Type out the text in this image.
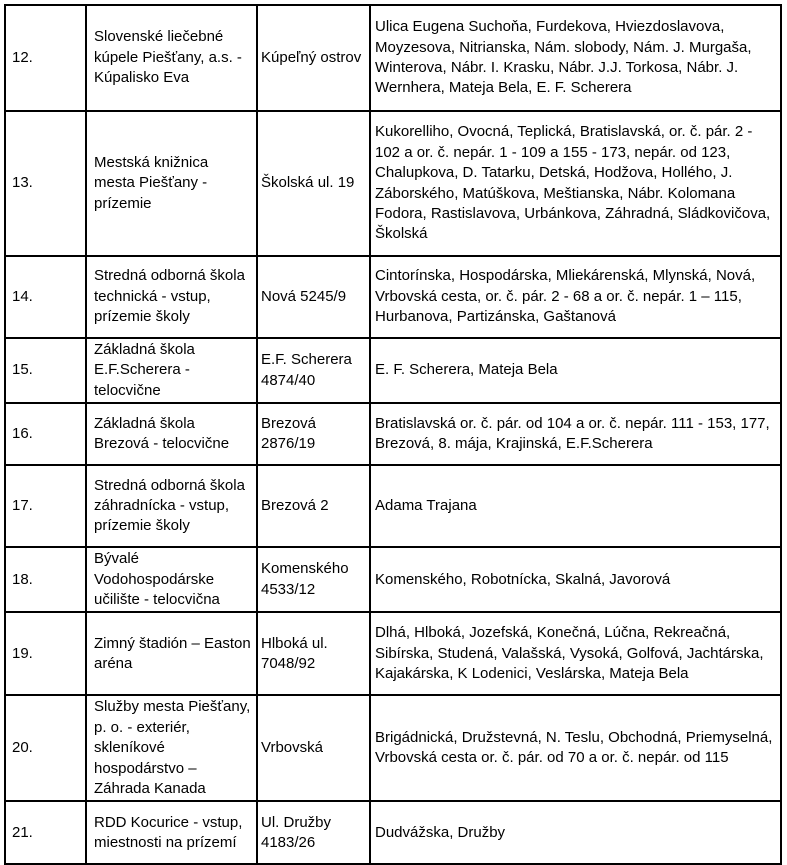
12.	Slovenské liečebné kúpele Piešťany, a.s. - Kúpalisko Eva	Kúpeľný ostrov	Ulica Eugena Suchoňa, Furdekova, Hviezdoslavova, Moyzesova, Nitrianska, Nám. slobody, Nám. J. Murgaša, Winterova, Nábr. I. Krasku, Nábr. J.J. Torkosa, Nábr. J. Wernhera, Mateja Bela, E. F. Scherera
13.	Mestská knižnica mesta Piešťany - prízemie	Školská ul. 19	Kukorelliho, Ovocná, Teplická, Bratislavská, or. č. pár. 2 - 102 a or. č. nepár. 1 - 109 a 155 - 173, nepár. od 123, Chalupkova, D. Tatarku, Detská, Hodžova, Hollého, J. Záborského, Matúškova, Meštianska, Nábr. Kolomana Fodora, Rastislavova, Urbánkova, Záhradná, Sládkovičova, Školská
14.	Stredná odborná škola technická - vstup, prízemie školy	Nová 5245/9	Cintorínska, Hospodárska, Mliekárenská, Mlynská, Nová, Vrbovská cesta, or. č. pár. 2 - 68 a or. č. nepár. 1 – 115, Hurbanova, Partizánska, Gaštanová
15.	Základná škola E.F.Scherera - telocvične	E.F. Scherera 4874/40	E. F. Scherera, Mateja Bela
16.	Základná škola Brezová - telocvične	Brezová 2876/19	Bratislavská or. č. pár. od 104 a or. č. nepár. 111 - 153, 177, Brezová, 8. mája, Krajinská, E.F.Scherera
17.	Stredná odborná škola záhradnícka - vstup, prízemie školy	Brezová 2	Adama Trajana
18.	Bývalé Vodohospodárske učilište - telocvična	Komenského 4533/12	Komenského, Robotnícka, Skalná, Javorová
19.	Zimný štadión – Easton aréna	Hlboká ul. 7048/92	Dlhá, Hlboká, Jozefská, Konečná, Lúčna, Rekreačná, Sibírska, Studená, Valašská, Vysoká, Golfová, Jachtárska, Kajakárska, K Lodenici, Veslárska, Mateja Bela
20.	Služby mesta Piešťany, p. o. - exteriér, skleníkové hospodárstvo – Záhrada Kanada	Vrbovská	Brigádnická, Družstevná, N. Teslu, Obchodná, Priemyselná, Vrbovská cesta or. č. pár. od 70 a or. č. nepár. od 115
21.	RDD Kocurice - vstup, miestnosti na prízemí	Ul. Družby 4183/26	Dudvážska, Družby
